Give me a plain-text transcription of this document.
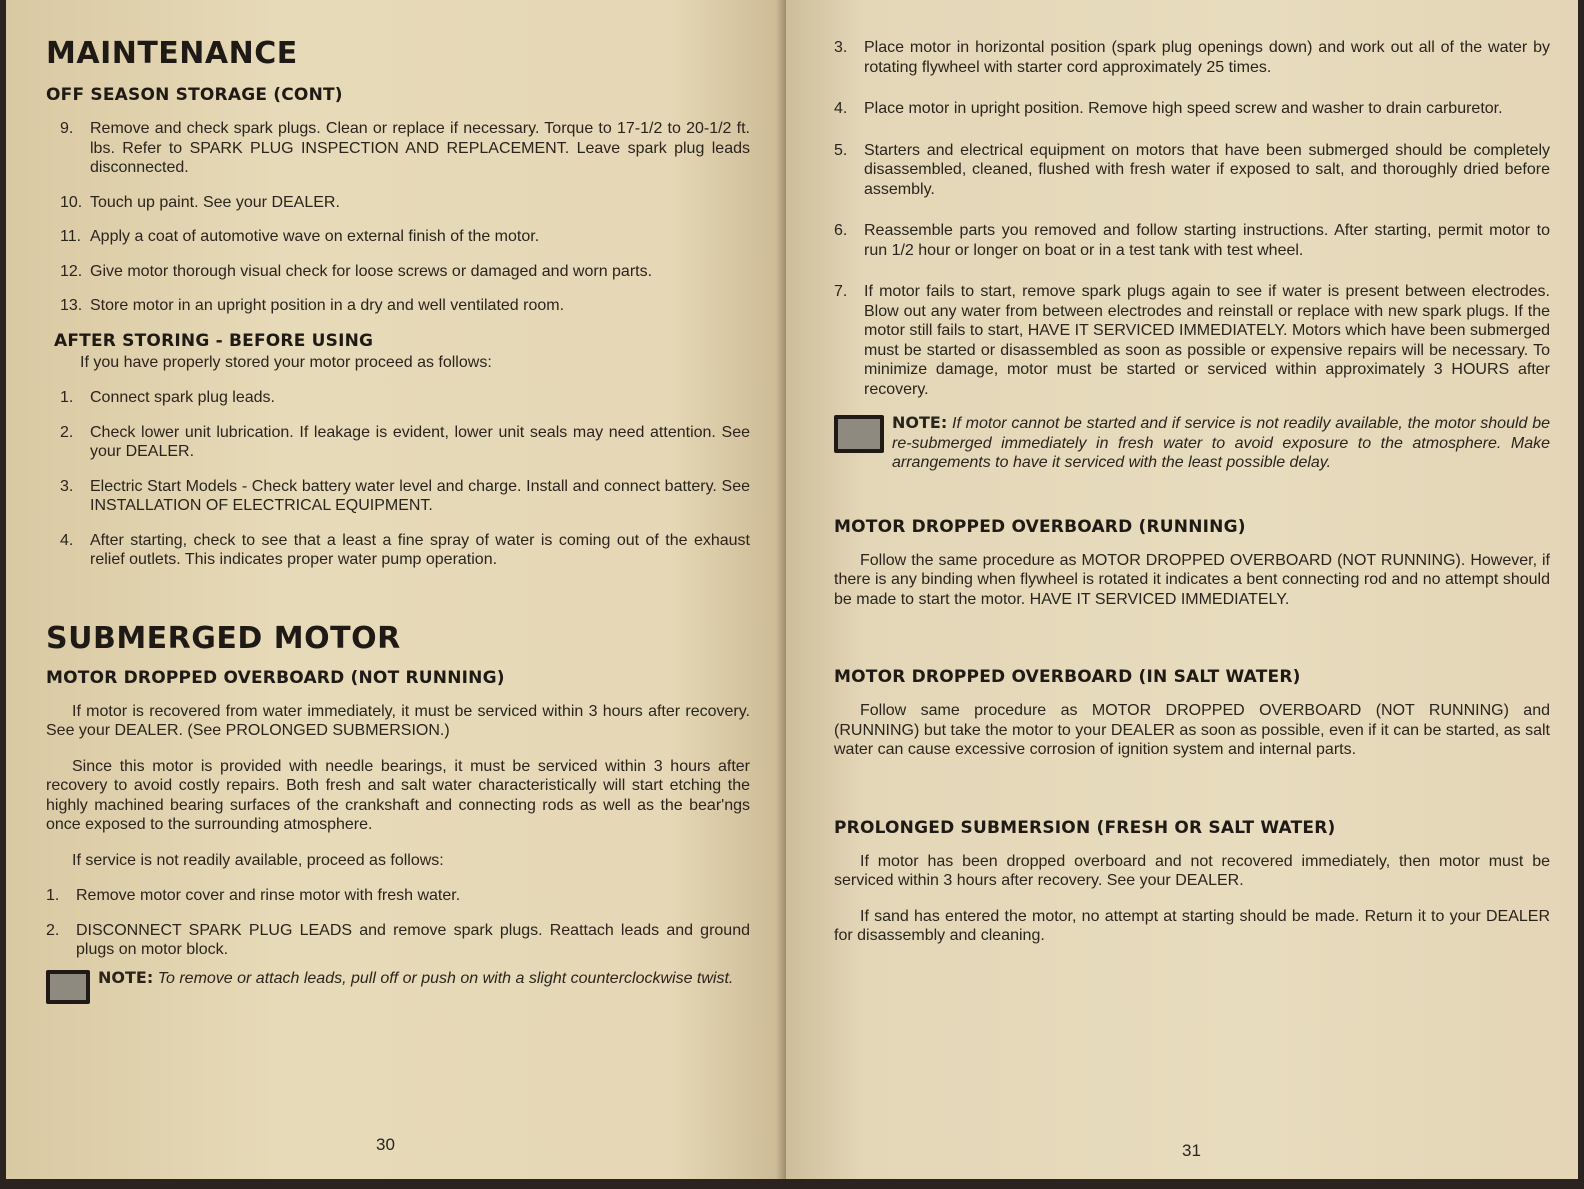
MAINTENANCE
OFF SEASON STORAGE (CONT)
9.	Remove and check spark plugs. Clean or replace if necessary. Torque to 17-1/2 to 20-1/2 ft. lbs. Refer to SPARK PLUG INSPECTION AND REPLACEMENT. Leave spark plug leads disconnected.
10. Touch up paint. See your DEALER.
11. Apply a coat of automotive wave on external finish of the motor.
12. Give motor thorough visual check for loose screws or damaged and worn parts.
13. Store motor in an upright position in a dry and well ventilated room.
AFTER STORING - BEFORE USING

If you have properly stored your motor proceed as follows:

1.	Connect spark plug leads.
2.	Check lower unit lubrication. If leakage is evident, lower unit seals may need attention. See your DEALER.
3.	Electric Start Models - Check battery water level and charge. Install and connect battery. See INSTALLATION OF ELECTRICAL EQUIPMENT.
4.	After starting, check to see that a least a fine spray of water is coming out of the exhaust relief outlets. This indicates proper water pump operation.
SUBMERGED MOTOR
MOTOR DROPPED OVERBOARD (NOT RUNNING)

If motor is recovered from water immediately, it must be serviced within 3 hours after recovery. See your DEALER. (See PROLONGED SUBMERSION.)

Since this motor is provided with needle bearings, it must be serviced within 3 hours after recovery to avoid costly repairs. Both fresh and salt water characteristically will start etching the highly machined bearing surfaces of the crankshaft and connecting rods as well as the bear'ngs once exposed to the surrounding atmosphere.

If service is not readily available, proceed as follows:

1.	Remove motor cover and rinse motor with fresh water.
2.	DISCONNECT SPARK PLUG LEADS and remove spark plugs. Reattach leads and ground plugs on motor block.
NOTE: To remove or attach leads, pull off or push on with a slight counterclockwise twist.
30
3.	Place motor in horizontal position (spark plug openings down) and work out all of the water by rotating flywheel with starter cord approximately 25 times.
4.	Place motor in upright position. Remove high speed screw and washer to drain carburetor.
5.	Starters and electrical equipment on motors that have been submerged should be completely disassembled, cleaned, flushed with fresh water if exposed to salt, and thoroughly dried before assembly.
6.	Reassemble parts you removed and follow starting instructions. After starting, permit motor to run 1/2 hour or longer on boat or in a test tank with test wheel.
7.	If motor fails to start, remove spark plugs again to see if water is present between electrodes. Blow out any water from between electrodes and reinstall or replace with new spark plugs. If the motor still fails to start, HAVE IT SERVICED IMMEDIATELY. Motors which have been submerged must be started or disassembled as soon as possible or expensive repairs will be necessary. To minimize damage, motor must be started or serviced within approximately 3 HOURS after recovery.
NOTE: If motor cannot be started and if service is not readily available, the motor should be re-submerged immediately in fresh water to avoid exposure to the atmosphere. Make arrangements to have it serviced with the least possible delay.
MOTOR DROPPED OVERBOARD (RUNNING)

Follow the same procedure as MOTOR DROPPED OVERBOARD (NOT RUNNING). However, if there is any binding when flywheel is rotated it indicates a bent connecting rod and no attempt should be made to start the motor. HAVE IT SERVICED IMMEDIATELY.

MOTOR DROPPED OVERBOARD (IN SALT WATER)

Follow same procedure as MOTOR DROPPED OVERBOARD (NOT RUNNING) and (RUNNING) but take the motor to your DEALER as soon as possible, even if it can be started, as salt water can cause excessive corrosion of ignition system and internal parts.

PROLONGED SUBMERSION (FRESH OR SALT WATER)

If motor has been dropped overboard and not recovered immediately, then motor must be serviced within 3 hours after recovery. See your DEALER.

If sand has entered the motor, no attempt at starting should be made. Return it to your DEALER for disassembly and cleaning.

31
